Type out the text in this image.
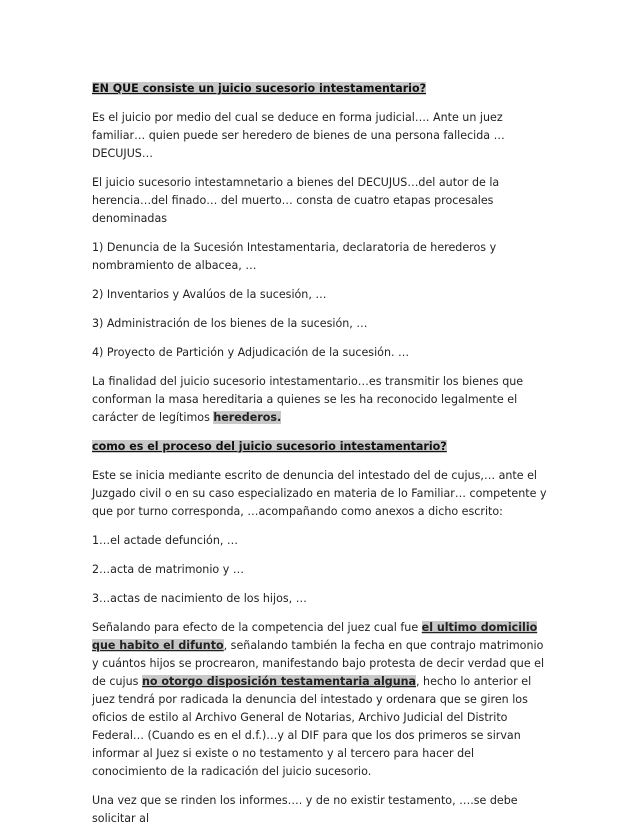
EN QUE consiste un juicio sucesorio intestamentario?

Es el juicio por medio del cual se deduce en forma judicial…. Ante un juez familiar… quien puede ser heredero de bienes de una persona fallecida …DECUJUS…

El juicio sucesorio intestamnetario a bienes del DECUJUS…del autor de la herencia…del finado… del muerto… consta de cuatro etapas procesales denominadas

1) Denuncia de la Sucesión Intestamentaria, declaratoria de herederos y nombramiento de albacea, …

2) Inventarios y Avalúos de la sucesión, …

3) Administración de los bienes de la sucesión, …

4) Proyecto de Partición y Adjudicación de la sucesión. …

La finalidad del juicio sucesorio intestamentario…es transmitir los bienes que conforman la masa hereditaria a quienes se les ha reconocido legalmente el carácter de legítimos herederos.

como es el proceso del juicio sucesorio intestamentario?

Este se inicia mediante escrito de denuncia del intestado del de cujus,… ante el Juzgado civil o en su caso especializado en materia de lo Familiar… competente y que por turno corresponda, …acompañando como anexos a dicho escrito:

1…el actade defunción, …

2…acta de matrimonio y …

3…actas de nacimiento de los hijos, …

Señalando para efecto de la competencia del juez cual fue el ultimo domicilio que habito el difunto, señalando también la fecha en que contrajo matrimonio y cuántos hijos se procrearon, manifestando bajo protesta de decir verdad que el de cujus no otorgo disposición testamentaria alguna, hecho lo anterior el juez tendrá por radicada la denuncia del intestado y ordenara que se giren los oficios de estilo al Archivo General de Notarias, Archivo Judicial del Distrito Federal… (Cuando es en el d.f.)…y al DIF para que los dos primeros se sirvan informar al Juez si existe o no testamento y al tercero para hacer del conocimiento de la radicación del juicio sucesorio.

Una vez que se rinden los informes…. y de no existir testamento, ….se debe solicitar al
